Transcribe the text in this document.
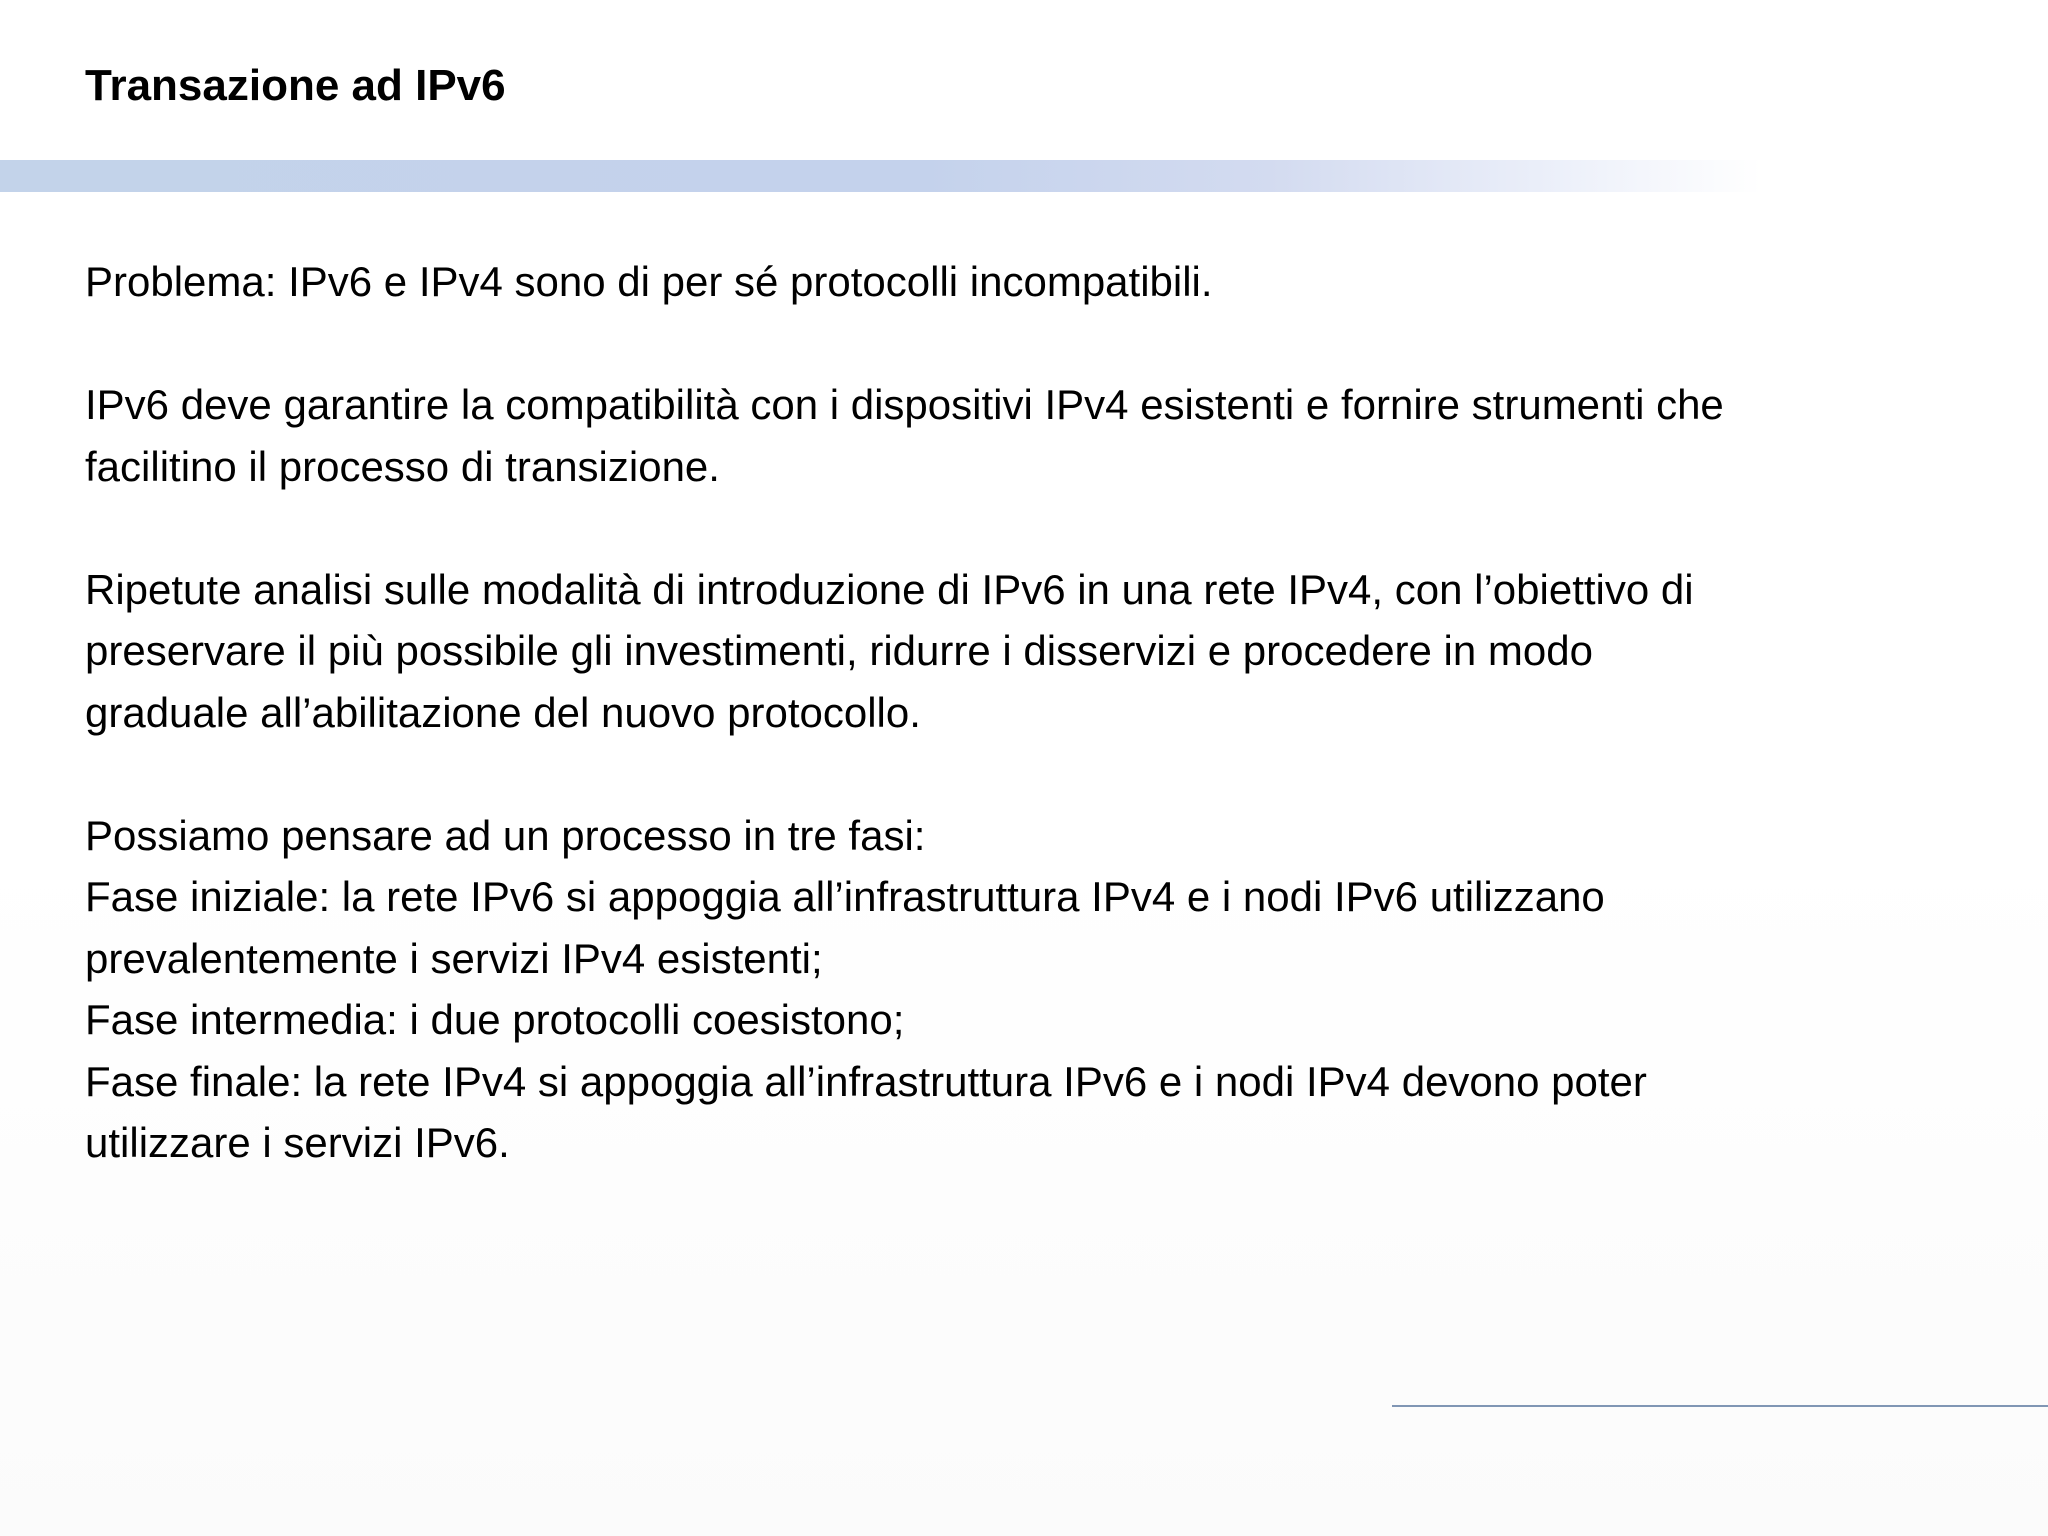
Transazione ad IPv6
Problema: IPv6 e IPv4 sono di per sé protocolli incompatibili.
IPv6 deve garantire la compatibilità con i dispositivi IPv4 esistenti e fornire strumenti che
facilitino il processo di transizione.
Ripetute analisi sulle modalità di introduzione di IPv6 in una rete IPv4, con l’obiettivo di
preservare il più possibile gli investimenti, ridurre i disservizi e procedere in modo
graduale all’abilitazione del nuovo protocollo.
Possiamo pensare ad un processo in tre fasi:
Fase iniziale: la rete IPv6 si appoggia all’infrastruttura IPv4 e i nodi IPv6 utilizzano
prevalentemente i servizi IPv4 esistenti;
Fase intermedia: i due protocolli coesistono;
Fase finale: la rete IPv4 si appoggia all’infrastruttura IPv6 e i nodi IPv4 devono poter
utilizzare i servizi IPv6.
